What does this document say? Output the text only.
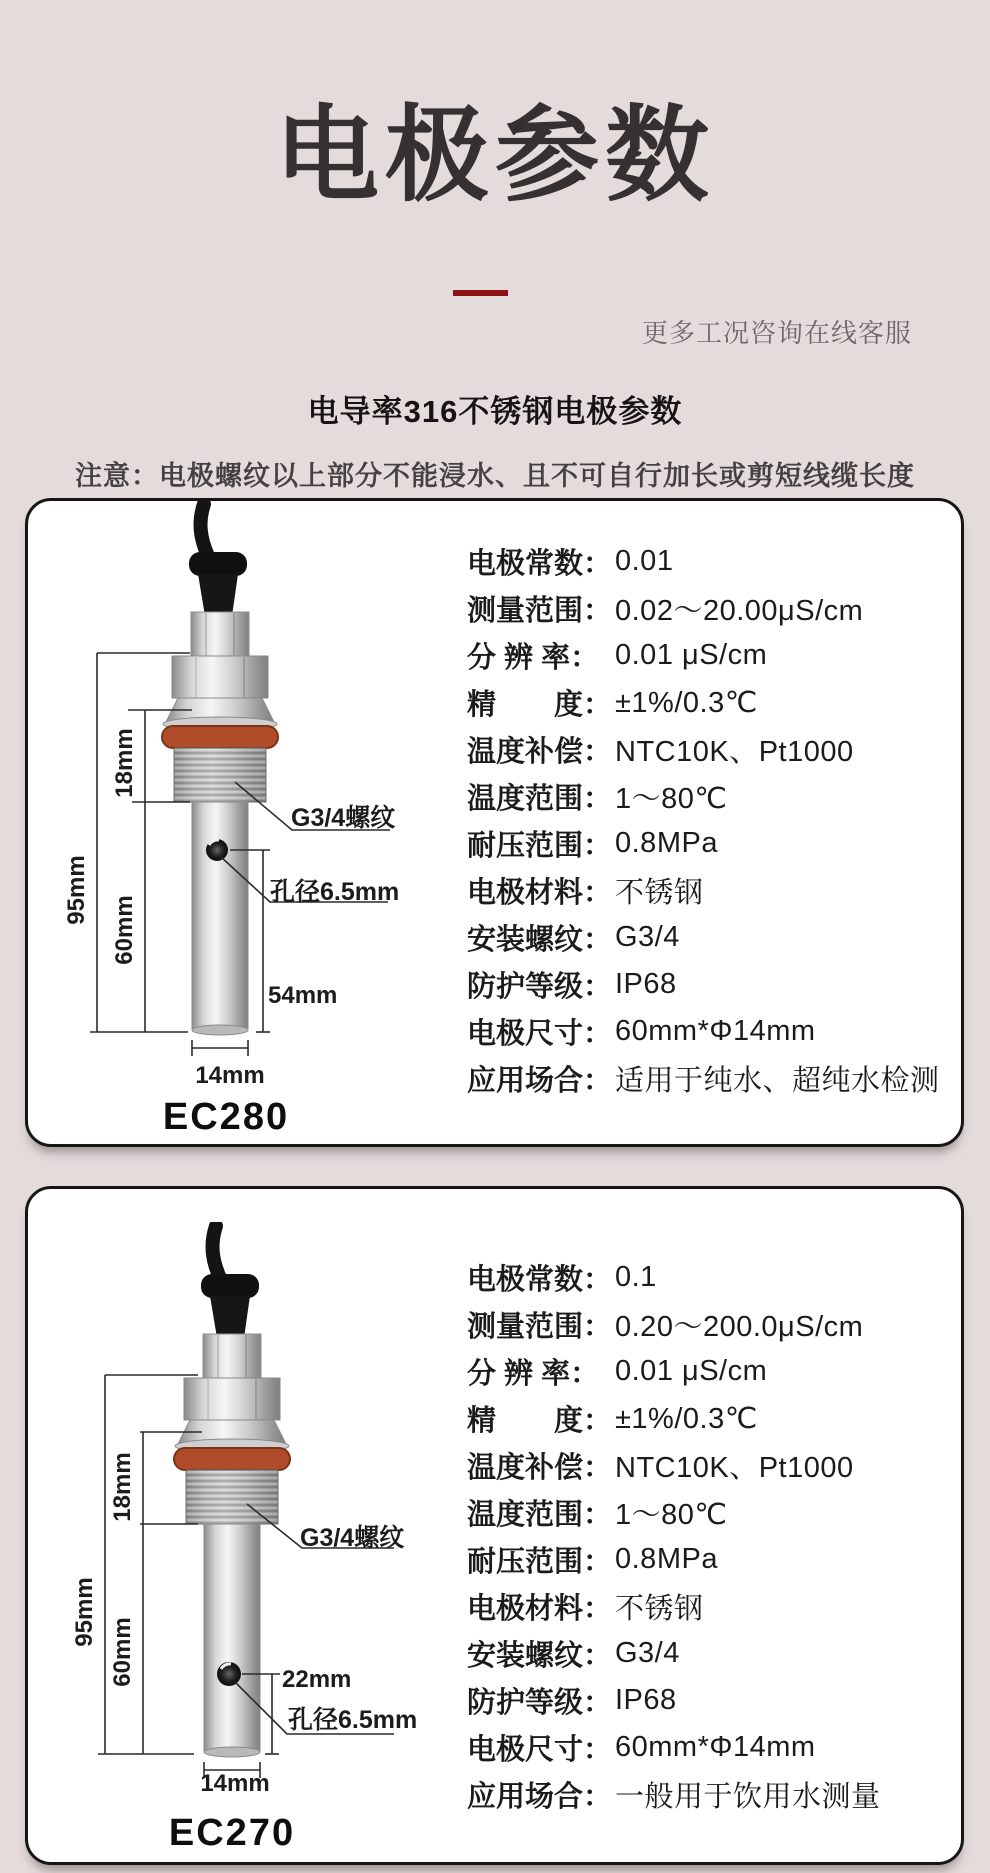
电极参数
更多工况咨询在线客服
电导率316不锈钢电极参数
注意：电极螺纹以上部分不能浸水、且不可自行加长或剪短线缆长度
95mm
18mm
60mm
G3/4螺纹
孔径6.5mm
54mm
14mm
EC280
电极常数： 0.01
测量范围： 0.02～20.00μS/cm
分 辨 率： 0.01 μS/cm
精　　度： ±1%/0.3℃
温度补偿： NTC10K、Pt1000
温度范围： 1～80℃
耐压范围： 0.8MPa
电极材料： 不锈钢
安装螺纹： G3/4
防护等级： IP68
电极尺寸： 60mm*Φ14mm
应用场合： 适用于纯水、超纯水检测
95mm
18mm
60mm
G3/4螺纹
22mm
孔径6.5mm
14mm
EC270
电极常数： 0.1
测量范围： 0.20～200.0μS/cm
分 辨 率： 0.01 μS/cm
精　　度： ±1%/0.3℃
温度补偿： NTC10K、Pt1000
温度范围： 1～80℃
耐压范围： 0.8MPa
电极材料： 不锈钢
安装螺纹： G3/4
防护等级： IP68
电极尺寸： 60mm*Φ14mm
应用场合： 一般用于饮用水测量
